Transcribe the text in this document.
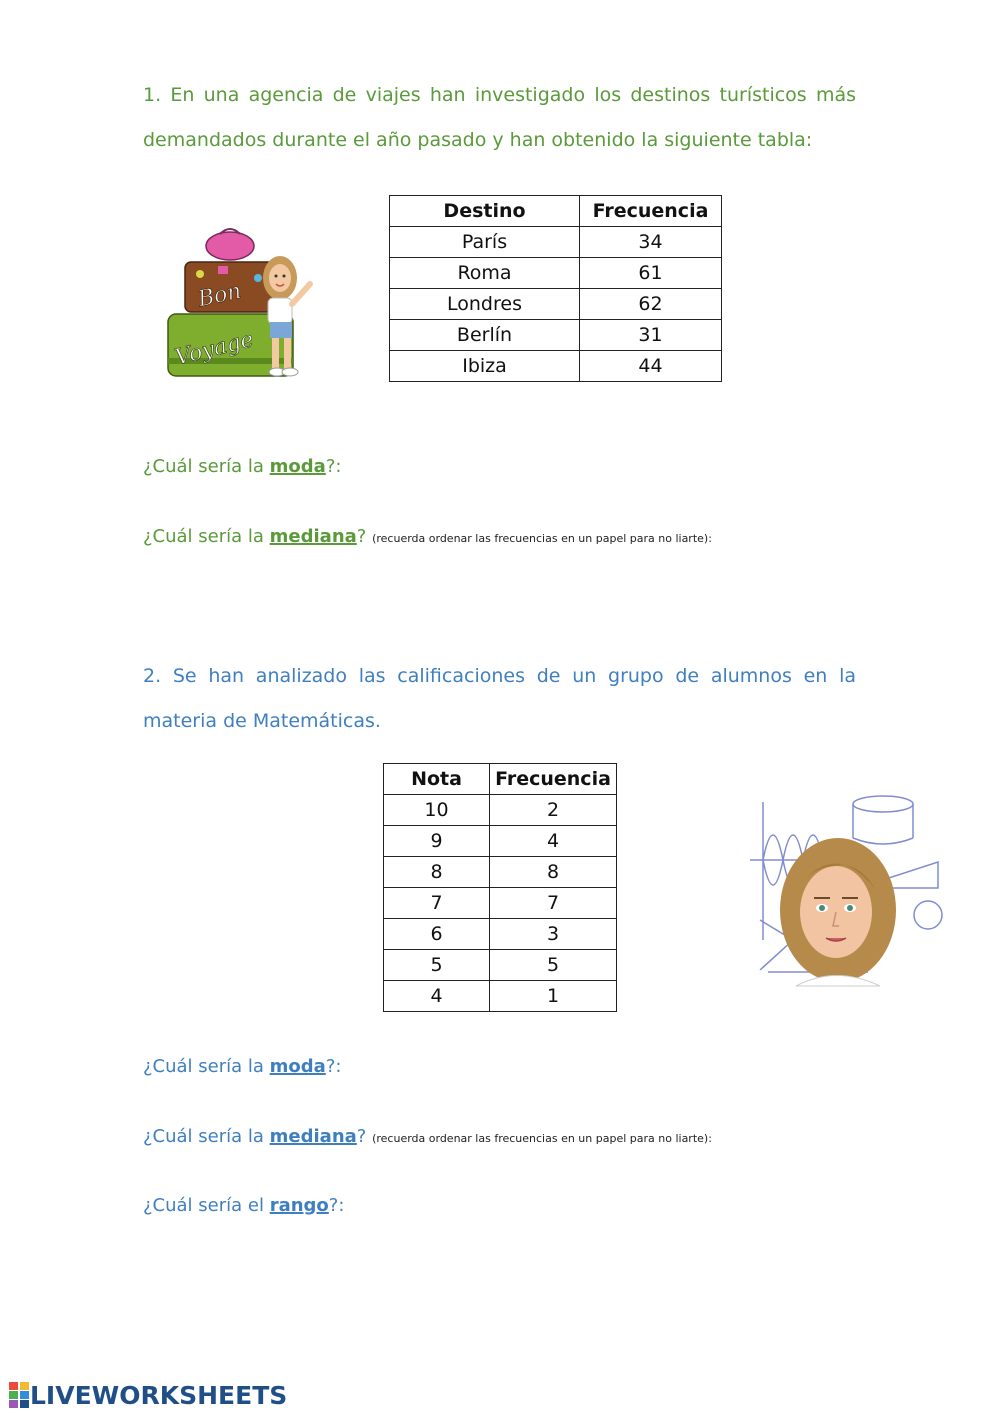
1. En una agencia de viajes han investigado los destinos turísticos más demandados durante el año pasado y han obtenido la siguiente tabla:

Bon
Voyage
Destino	Frecuencia
París	34
Roma	61
Londres	62
Berlín	31
Ibiza	44
¿Cuál sería la moda?:
¿Cuál sería la mediana? (recuerda ordenar las frecuencias en un papel para no liarte):

2. Se han analizado las calificaciones de un grupo de alumnos en la materia de Matemáticas.

Nota	Frecuencia
10	2
9	4
8	8
7	7
6	3
5	5
4	1
¿Cuál sería la moda?:
¿Cuál sería la mediana? (recuerda ordenar las frecuencias en un papel para no liarte):
¿Cuál sería el rango?:
LIVEWORKSHEETS
